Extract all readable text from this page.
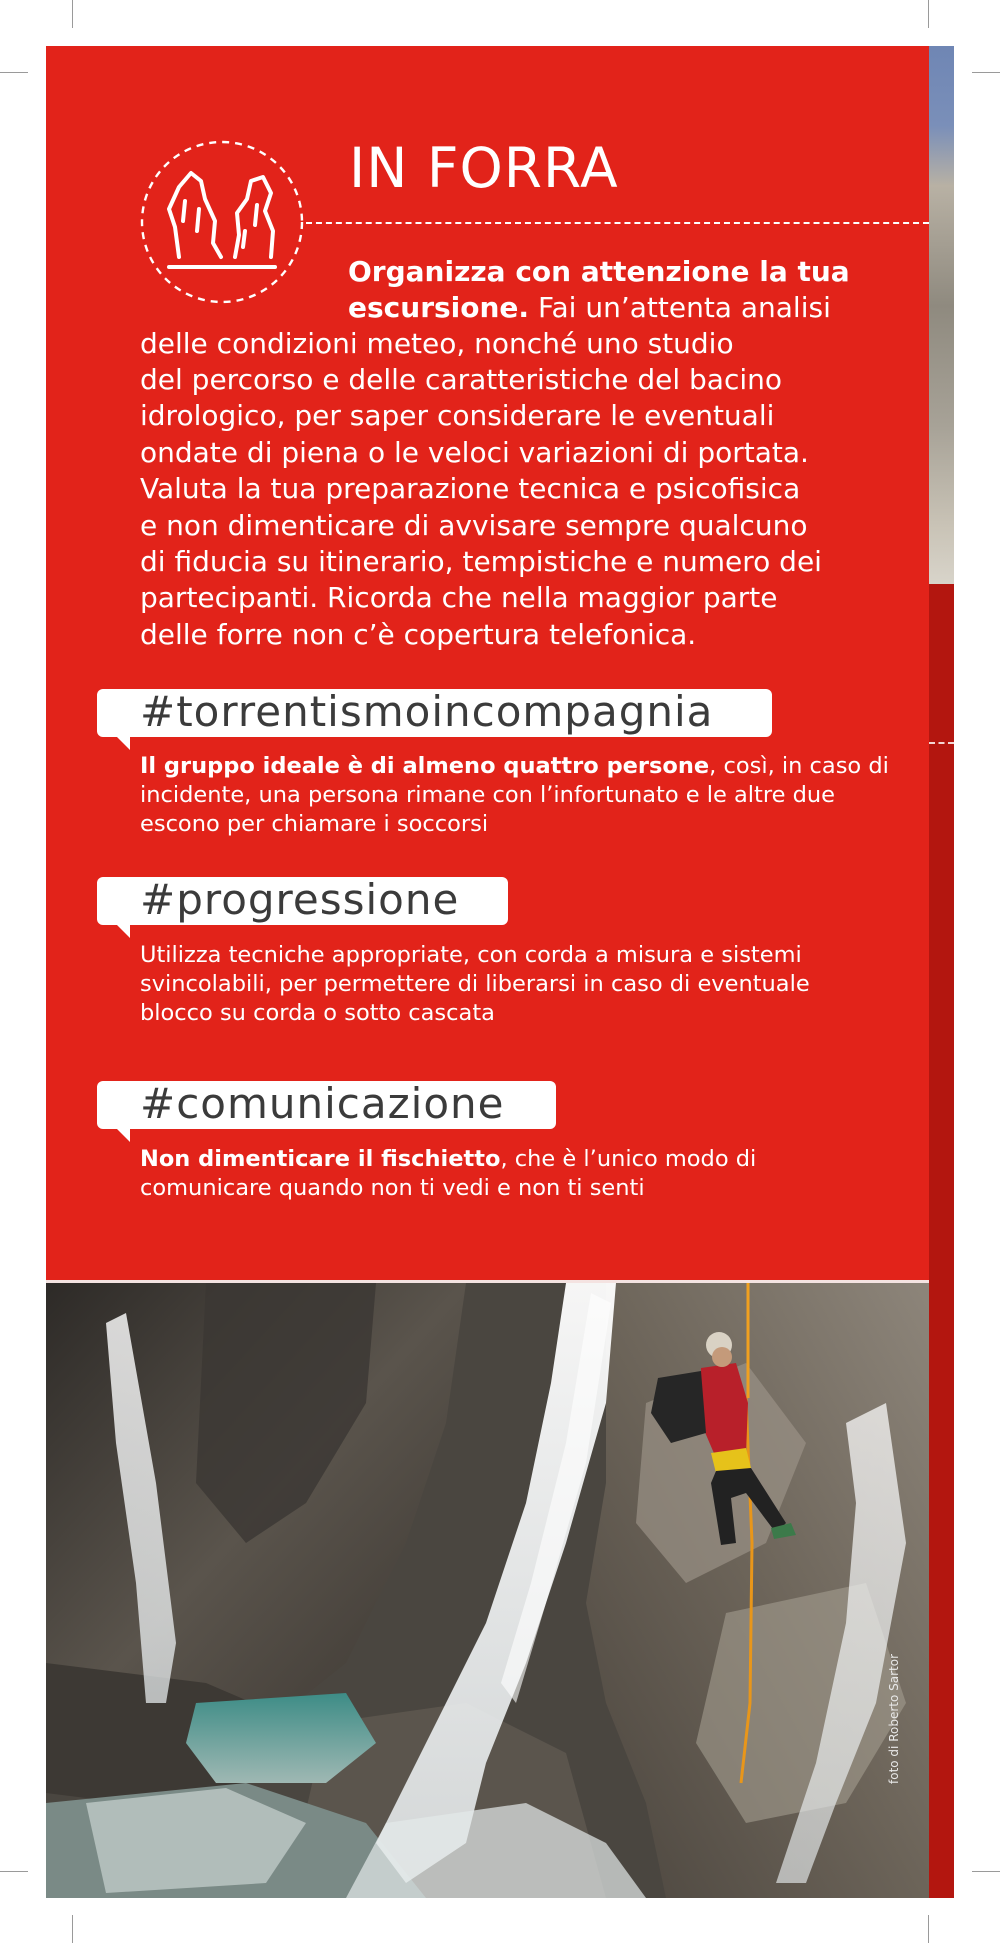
IN FORRA
Organizza con attenzione la tua
escursione. Fai un’attenta analisi
delle condizioni meteo, nonché uno studio
del percorso e delle caratteristiche del bacino
idrologico, per saper considerare le eventuali
ondate di piena o le veloci variazioni di portata.
Valuta la tua preparazione tecnica e psicofisica
e non dimenticare di avvisare sempre qualcuno
di fiducia su itinerario, tempistiche e numero dei
partecipanti. Ricorda che nella maggior parte
delle forre non c’è copertura telefonica.
#torrentismoincompagnia
Il gruppo ideale è di almeno quattro persone, così, in caso di
incidente, una persona rimane con l’infortunato e le altre due
escono per chiamare i soccorsi
#progressione
Utilizza tecniche appropriate, con corda a misura e sistemi
svincolabili, per permettere di liberarsi in caso di eventuale
blocco su corda o sotto cascata
#comunicazione
Non dimenticare il fischietto, che è l’unico modo di
comunicare quando non ti vedi e non ti senti
foto di Roberto Sartor
